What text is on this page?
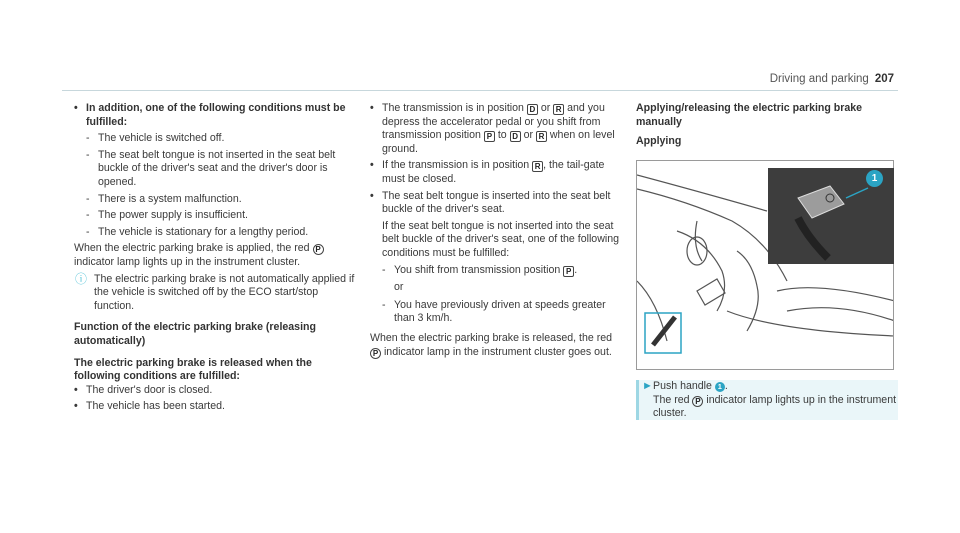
Driving and parking 207

• In addition, one of the following conditions must be fulfilled:

- The vehicle is switched off.

- The seat belt tongue is not inserted in the seat belt buckle of the driver's seat and the driver's door is opened.

- There is a system malfunction.

- The power supply is insufficient.

- The vehicle is stationary for a lengthy period.

When the electric parking brake is applied, the red P indicator lamp lights up in the instrument cluster.

ⓘ The electric parking brake is not automatically applied if the vehicle is switched off by the ECO start/stop function.

Function of the electric parking brake (releasing automatically)

The electric parking brake is released when the following conditions are fulfilled:

• The driver's door is closed.

• The vehicle has been started.

• The transmission is in position D or R and you depress the accelerator pedal or you shift from transmission position P to D or R when on level ground.

• If the transmission is in position R , the tail-gate must be closed.

• The seat belt tongue is inserted into the seat belt buckle of the driver's seat.

If the seat belt tongue is not inserted into the seat belt buckle of the driver's seat, one of the following conditions must be fulfilled:

- You shift from transmission position P .

or

- You have previously driven at speeds greater than 3 km/h.

When the electric parking brake is released, the red P indicator lamp in the instrument cluster goes out.

Applying/releasing the electric parking brake manually

Applying

1
► Push handle 1 .

The red P indicator lamp lights up in the instrument cluster.
